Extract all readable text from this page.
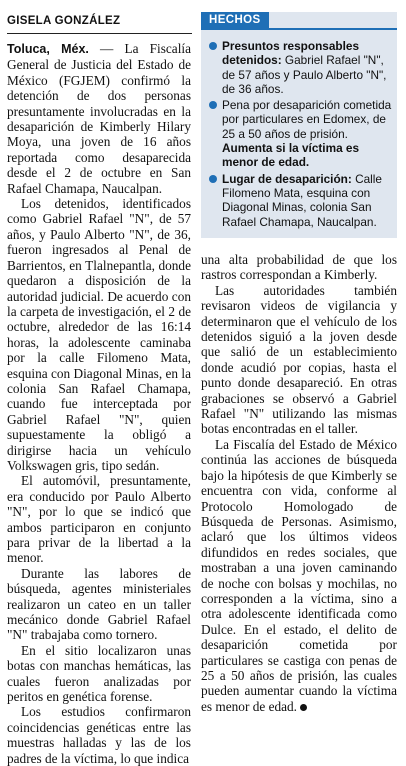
GISELA GONZÁLEZ

Toluca, Méx. — La Fiscalía General de Justicia del Estado de México (FGJEM) confirmó la detención de dos personas presuntamente involucradas en la desaparición de Kimberly Hilary Moya, una joven de 16 años reportada como desaparecida desde el 2 de octubre en San Rafael Chamapa, Naucalpan.

Los detenidos, identificados como Gabriel Rafael "N", de 57 años, y Paulo Alberto "N", de 36, fueron ingresados al Penal de Barrientos, en Tlalnepantla, donde quedaron a disposición de la autoridad judicial. De acuerdo con la carpeta de investigación, el 2 de octubre, alrededor de las 16:14 horas, la adolescente caminaba por la calle Filomeno Mata, esquina con Diagonal Minas, en la colonia San Rafael Chamapa, cuando fue interceptada por Gabriel Rafael "N", quien supuestamente la obligó a dirigirse hacia un vehículo Volkswagen gris, tipo sedán.

El automóvil, presuntamente, era conducido por Paulo Alberto "N", por lo que se indicó que ambos participaron en conjunto para privar de la libertad a la menor.

Durante las labores de búsqueda, agentes ministeriales realizaron un cateo en un taller mecánico donde Gabriel Rafael "N" trabajaba como tornero.

En el sitio localizaron unas botas con manchas hemáticas, las cuales fueron analizadas por peritos en genética forense.

Los estudios confirmaron coincidencias genéticas entre las muestras halladas y las de los padres de la víctima, lo que indica

HECHOS
Presuntos responsables detenidos: Gabriel Rafael "N", de 57 años y Paulo Alberto "N", de 36 años.
Pena por desaparición cometida por particulares en Edomex, de 25 a 50 años de prisión. Aumenta si la víctima es menor de edad.
Lugar de desaparición: Calle Filomeno Mata, esquina con Diagonal Minas, colonia San Rafael Chamapa, Naucalpan.

una alta probabilidad de que los rastros correspondan a Kimberly.

Las autoridades también revisaron videos de vigilancia y determinaron que el vehículo de los detenidos siguió a la joven desde que salió de un establecimiento donde acudió por copias, hasta el punto donde desapareció. En otras grabaciones se observó a Gabriel Rafael "N" utilizando las mismas botas encontradas en el taller.

La Fiscalía del Estado de México continúa las acciones de búsqueda bajo la hipótesis de que Kimberly se encuentra con vida, conforme al Protocolo Homologado de Búsqueda de Personas. Asimismo, aclaró que los últimos videos difundidos en redes sociales, que mostraban a una joven caminando de noche con bolsas y mochilas, no corresponden a la víctima, sino a otra adolescente identificada como Dulce. En el estado, el delito de desaparición cometida por particulares se castiga con penas de 25 a 50 años de prisión, las cuales pueden aumentar cuando la víctima es menor de edad.
